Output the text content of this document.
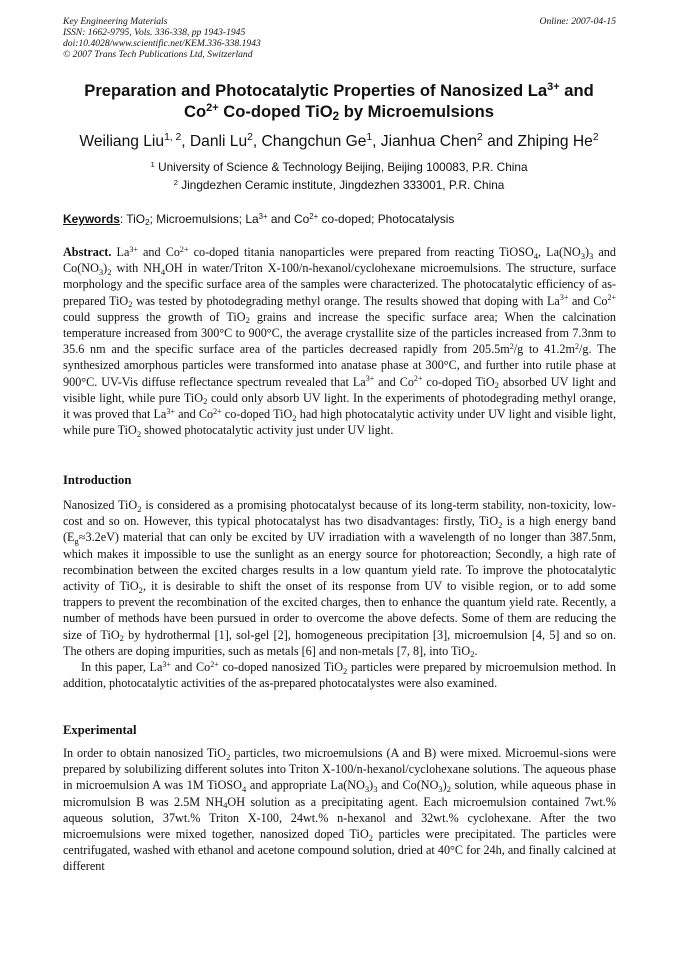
Key Engineering Materials	Online: 2007-04-15
ISSN: 1662-9795, Vols. 336-338, pp 1943-1945
doi:10.4028/www.scientific.net/KEM.336-338.1943
© 2007 Trans Tech Publications Ltd, Switzerland
Preparation and Photocatalytic Properties of Nanosized $La^{3+}$ and
$Co^{2+}$ Co-doped TiO$_2$ by Microemulsions
Weiliang Liu$^{1, 2}$, Danli Lu$^2$, Changchun Ge$^1$, Jianhua Chen$^2$ and Zhiping He$^2$
$^1$ University of Science & Technology Beijing, Beijing 100083, P.R. China
$^2$ Jingdezhen Ceramic institute, Jingdezhen 333001, P.R. China
Keywords: TiO$_2$; Microemulsions; $La^{3+}$ and $Co^{2+}$ co-doped; Photocatalysis

Abstract. $La^{3+}$ and $Co^{2+}$ co-doped titania nanoparticles were prepared from reacting TiOSO$_4$, $La(NO_3)_3$ and $Co(NO_3)_2$ with $NH_4OH$ in water/Triton X-100/n-hexanol/cyclohexane microemulsions. The structure, surface morphology and the specific surface area of the samples were characterized. The photocatalytic efficiency of as-prepared TiO$_2$ was tested by photodegrading methyl orange. The results showed that doping with $La^{3+}$ and $Co^{2+}$ could suppress the growth of TiO$_2$ grains and increase the specific surface area; When the calcination temperature increased from 300°C to 900°C, the average crystallite size of the particles increased from 7.3nm to 35.6 nm and the specific surface area of the particles decreased rapidly from $205.5m^2/g$ to $41.2m^2/g$. The synthesized amorphous particles were transformed into anatase phase at 300°C, and further into rutile phase at 900°C. UV-Vis diffuse reflectance spectrum revealed that $La^{3+}$ and $Co^{2+}$ co-doped TiO$_2$ absorbed UV light and visible light, while pure TiO$_2$ could only absorb UV light. In the experiments of photodegrading methyl orange, it was proved that $La^{3+}$ and $Co^{2+}$ co-doped TiO$_2$ had high photocatalytic activity under UV light and visible light, while pure TiO$_2$ showed photocatalytic activity just under UV light.

Introduction

Nanosized TiO$_2$ is considered as a promising photocatalyst because of its long-term stability, non-toxicity, low-cost and so on. However, this typical photocatalyst has two disadvantages: firstly, TiO$_2$ is a high energy band $(E_g\approx 3.2eV)$ material that can only be excited by UV irradiation with a wavelength of no longer than 387.5nm, which makes it impossible to use the sunlight as an energy source for photoreaction; Secondly, a high rate of recombination between the excited charges results in a low quantum yield rate. To improve the photocatalytic activity of TiO$_2$, it is desirable to shift the onset of its response from UV to visible region, or to add some trappers to prevent the recombination of the excited charges, then to enhance the quantum yield rate. Recently, a number of methods have been pursued in order to overcome the above defects. Some of them are reducing the size of TiO$_2$ by hydrothermal [1], sol-gel [2], homogeneous precipitation [3], microemulsion [4, 5] and so on. The others are doping impurities, such as metals [6] and non-metals [7, 8], into TiO$_2$.

In this paper, $La^{3+}$ and $Co^{2+}$ co-doped nanosized TiO$_2$ particles were prepared by microemulsion method. In addition, photocatalytic activities of the as-prepared photocatalystes were also examined.

Experimental

In order to obtain nanosized TiO$_2$ particles, two microemulsions (A and B) were mixed. Microemul-sions were prepared by solubilizing different solutes into Triton X-100/n-hexanol/cyclohexane solutions. The aqueous phase in microemulsion A was 1M TiOSO$_4$ and appropriate $La(NO_3)_3$ and $Co(NO_3)_2$ solution, while aqueous phase in micromulsion B was 2.5M $NH_4OH$ solution as a precipitating agent. Each microemulsion contained 7wt.% aqueous solution, 37wt.% Triton X-100, 24wt.% n-hexanol and 32wt.% cyclohexane. After the two microemulsions were mixed together, nanosized doped TiO$_2$ particles were precipitated. The particles were centrifugated, washed with ethanol and acetone compound solution, dried at 40°C for 24h, and finally calcined at different
